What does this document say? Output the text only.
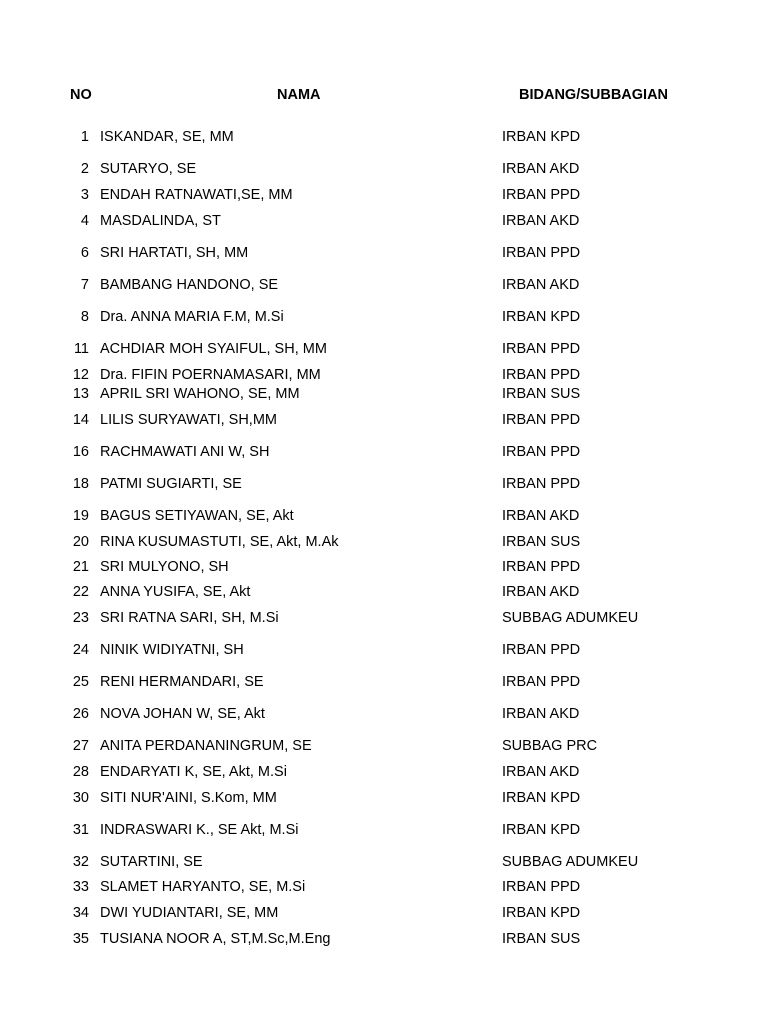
NO	NAMA	BIDANG/SUBBAGIAN
1 ISKANDAR, SE, MM	IRBAN KPD
2 SUTARYO, SE	IRBAN AKD
3 ENDAH RATNAWATI,SE, MM	IRBAN PPD
4 MASDALINDA, ST	IRBAN AKD
6 SRI HARTATI, SH, MM	IRBAN PPD
7 BAMBANG HANDONO, SE	IRBAN AKD
8 Dra. ANNA MARIA F.M, M.Si	IRBAN KPD
11 ACHDIAR MOH SYAIFUL, SH, MM	IRBAN PPD
12 Dra. FIFIN POERNAMASARI, MM	IRBAN PPD
13 APRIL SRI WAHONO, SE, MM	IRBAN SUS
14 LILIS SURYAWATI, SH,MM	IRBAN PPD
16 RACHMAWATI ANI W, SH	IRBAN PPD
18 PATMI SUGIARTI, SE	IRBAN PPD
19 BAGUS SETIYAWAN, SE, Akt	IRBAN AKD
20 RINA KUSUMASTUTI, SE, Akt, M.Ak	IRBAN SUS
21 SRI MULYONO, SH	IRBAN PPD
22 ANNA YUSIFA, SE, Akt	IRBAN AKD
23 SRI RATNA SARI, SH, M.Si	SUBBAG ADUMKEU
24 NINIK WIDIYATNI, SH	IRBAN PPD
25 RENI HERMANDARI, SE	IRBAN PPD
26 NOVA JOHAN W, SE, Akt	IRBAN AKD
27 ANITA PERDANANINGRUM, SE	SUBBAG PRC
28 ENDARYATI K, SE, Akt, M.Si	IRBAN AKD
30 SITI NUR'AINI, S.Kom, MM	IRBAN KPD
31 INDRASWARI K., SE Akt, M.Si	IRBAN KPD
32 SUTARTINI, SE	SUBBAG ADUMKEU
33 SLAMET HARYANTO, SE, M.Si	IRBAN PPD
34 DWI YUDIANTARI, SE, MM	IRBAN KPD
35 TUSIANA NOOR A, ST,M.Sc,M.Eng	IRBAN SUS
